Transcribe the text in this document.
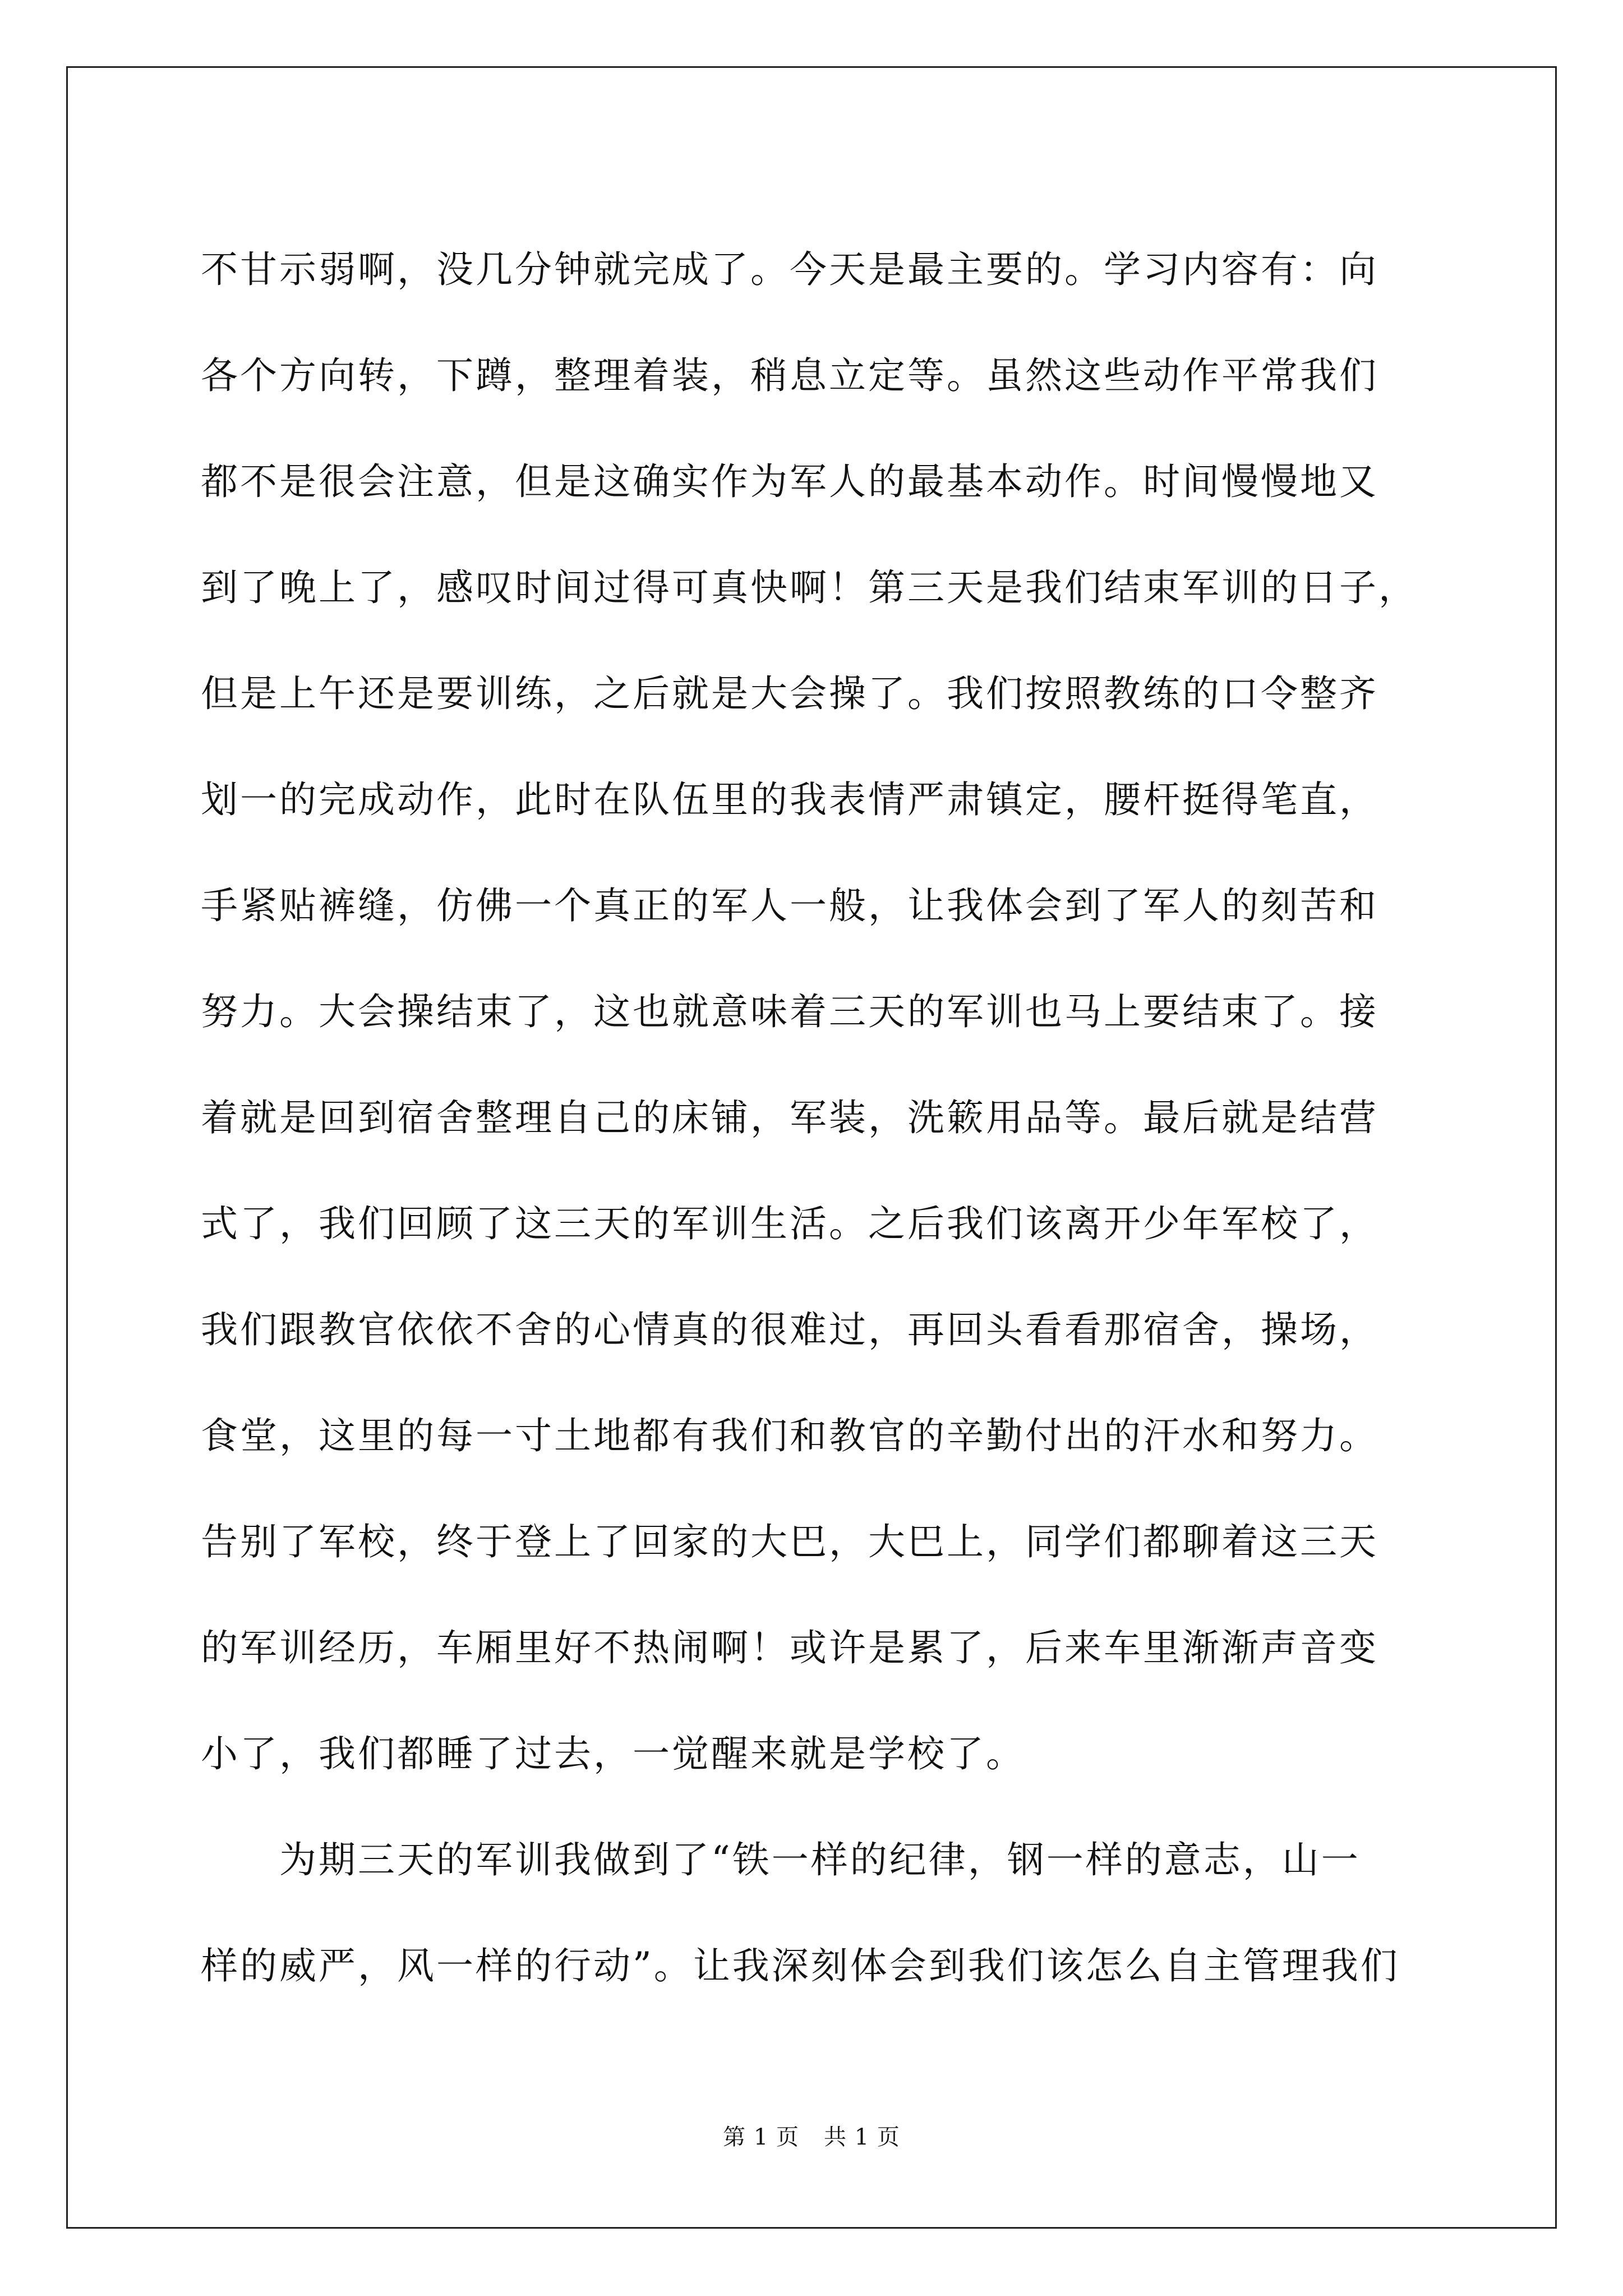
不甘示弱啊，没几分钟就完成了。今天是最主要的。学习内容有：向
各个方向转，下蹲，整理着装，稍息立定等。虽然这些动作平常我们
都不是很会注意，但是这确实作为军人的最基本动作。时间慢慢地又
到了晚上了，感叹时间过得可真快啊！第三天是我们结束军训的日子，
但是上午还是要训练，之后就是大会操了。我们按照教练的口令整齐
划一的完成动作，此时在队伍里的我表情严肃镇定，腰杆挺得笔直，
手紧贴裤缝，仿佛一个真正的军人一般，让我体会到了军人的刻苦和
努力。大会操结束了，这也就意味着三天的军训也马上要结束了。接
着就是回到宿舍整理自己的床铺，军装，洗簌用品等。最后就是结营
式了，我们回顾了这三天的军训生活。之后我们该离开少年军校了，
我们跟教官依依不舍的心情真的很难过，再回头看看那宿舍，操场，
食堂，这里的每一寸土地都有我们和教官的辛勤付出的汗水和努力。
告别了军校，终于登上了回家的大巴，大巴上，同学们都聊着这三天
的军训经历，车厢里好不热闹啊！或许是累了，后来车里渐渐声音变
小了，我们都睡了过去，一觉醒来就是学校了。
为期三天的军训我做到了“铁一样的纪律，钢一样的意志，山一
样的威严，风一样的行动”。让我深刻体会到我们该怎么自主管理我们
第 1 页 共 1 页
